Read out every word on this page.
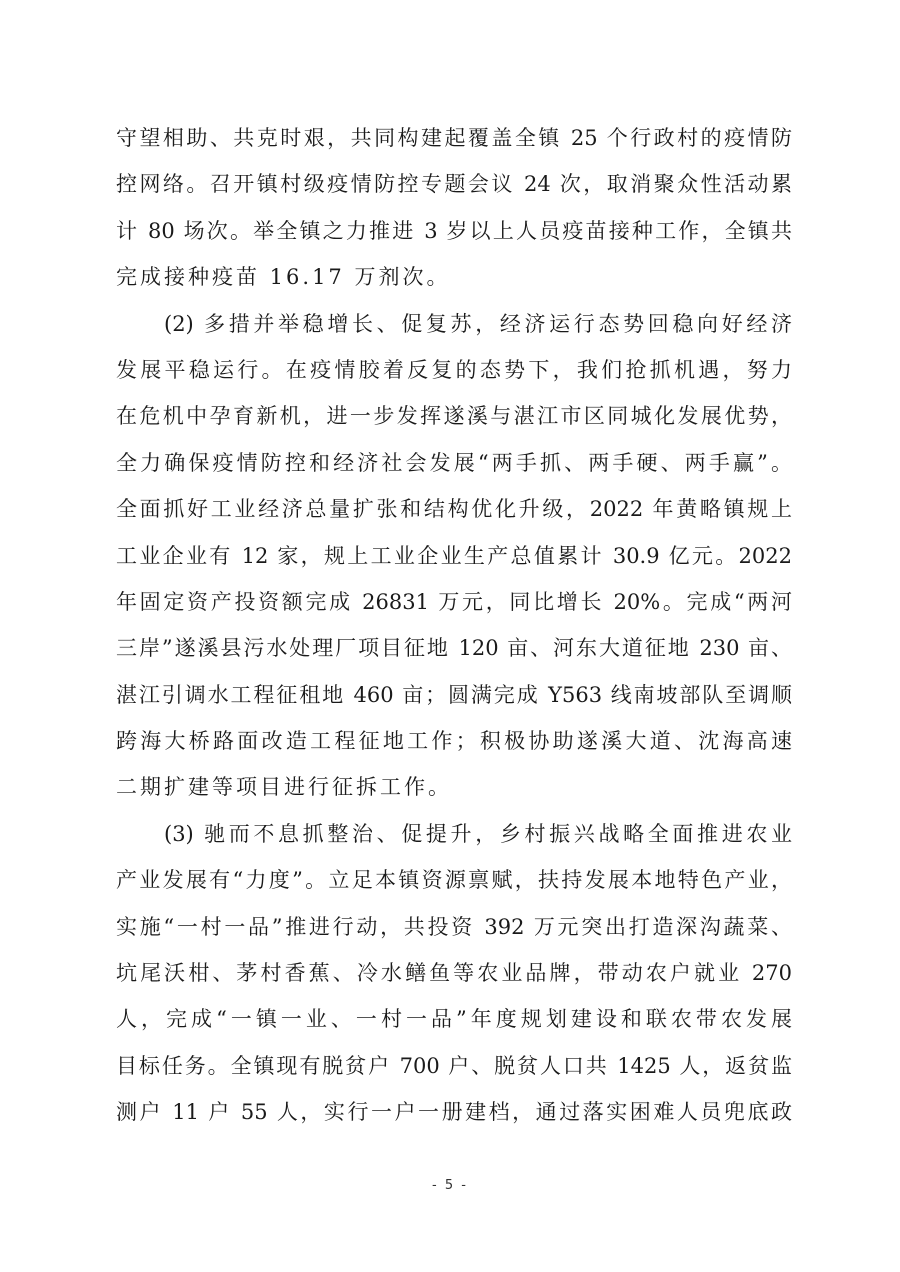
守望相助、共克时艰，共同构建起覆盖全镇 25 个行政村的疫情防
控网络。召开镇村级疫情防控专题会议 24 次，取消聚众性活动累
计 80 场次。举全镇之力推进 3 岁以上人员疫苗接种工作，全镇共
完成接种疫苗 16.17 万剂次。
(2) 多措并举稳增长、促复苏，经济运行态势回稳向好经济
发展平稳运行。在疫情胶着反复的态势下，我们抢抓机遇，努力
在危机中孕育新机，进一步发挥遂溪与湛江市区同城化发展优势，
全力确保疫情防控和经济社会发展“两手抓、两手硬、两手赢”。
全面抓好工业经济总量扩张和结构优化升级，2022 年黄略镇规上
工业企业有 12 家，规上工业企业生产总值累计 30.9 亿元。2022
年固定资产投资额完成 26831 万元，同比增长 20%。完成“两河
三岸”遂溪县污水处理厂项目征地 120 亩、河东大道征地 230 亩、
湛江引调水工程征租地 460 亩；圆满完成 Y563 线南坡部队至调顺
跨海大桥路面改造工程征地工作；积极协助遂溪大道、沈海高速
二期扩建等项目进行征拆工作。
(3) 驰而不息抓整治、促提升，乡村振兴战略全面推进农业
产业发展有“力度”。立足本镇资源禀赋，扶持发展本地特色产业，
实施“一村一品”推进行动，共投资 392 万元突出打造深沟蔬菜、
坑尾沃柑、茅村香蕉、冷水鳝鱼等农业品牌，带动农户就业 270
人，完成“一镇一业、一村一品”年度规划建设和联农带农发展
目标任务。全镇现有脱贫户 700 户、脱贫人口共 1425 人，返贫监
测户 11 户 55 人，实行一户一册建档，通过落实困难人员兜底政
- 5 -
